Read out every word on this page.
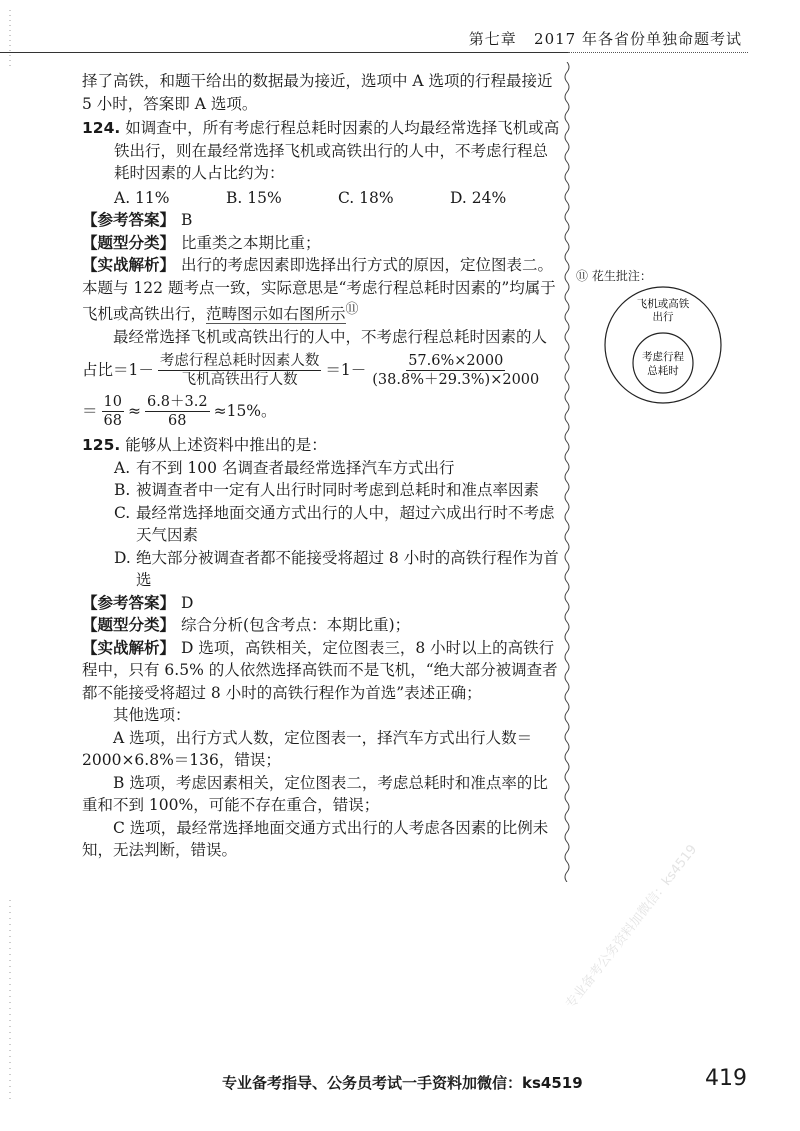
第七章 2017 年各省份单独命题考试

择了高铁，和题干给出的数据最为接近，选项中 A 选项的行程最接近 5 小时，答案即 A 选项。

124. 如调查中，所有考虑行程总耗时因素的人均最经常选择飞机或高铁出行，则在最经常选择飞机或高铁出行的人中，不考虑行程总耗时因素的人占比约为：

A. 11%	B. 15%	C. 18%	D. 24%

【参考答案】 B

【题型分类】 比重类之本期比重；

【实战解析】 出行的考虑因素即选择出行方式的原因，定位图表二。本题与 122 题考点一致，实际意思是“考虑行程总耗时因素的”均属于飞机或高铁出行，范畴图示如右图所示⑪

最经常选择飞机或高铁出行的人中，不考虑行程总耗时因素的人

占比$=1- \frac{\text{考虑行程总耗时因素人数}}{\text{飞机高铁出行人数}} =1- \frac{57.6\%\times 2000}{(38.8\%+29.3\%)\times 2000}$
＝ $\frac{10}{68} \approx \frac{6.8+3.2}{68} \approx 15\%$。

125. 能够从上述资料中推出的是：

A. 有不到 100 名调查者最经常选择汽车方式出行
B. 被调查者中一定有人出行时同时考虑到总耗时和准点率因素
C. 最经常选择地面交通方式出行的人中，超过六成出行时不考虑天气因素
D. 绝大部分被调查者都不能接受将超过 8 小时的高铁行程作为首选

【参考答案】 D

【题型分类】 综合分析(包含考点：本期比重)；

【实战解析】 D 选项，高铁相关，定位图表三，8 小时以上的高铁行程中，只有 6.5% 的人依然选择高铁而不是飞机，“绝大部分被调查者都不能接受将超过 8 小时的高铁行程作为首选”表述正确；

其他选项：

A 选项，出行方式人数，定位图表一，择汽车方式出行人数＝2000×6.8%＝136，错误；

B 选项，考虑因素相关，定位图表二，考虑总耗时和准点率的比重和不到 100%，可能不存在重合，错误；

C 选项，最经常选择地面交通方式出行的人考虑各因素的比例未知，无法判断，错误。

⑪ 花生批注：
飞机或高铁
出行
考虑行程
总耗时
专业备考公务资料加微信：ks4519
专业备考指导、公务员考试一手资料加微信：ks4519	419
